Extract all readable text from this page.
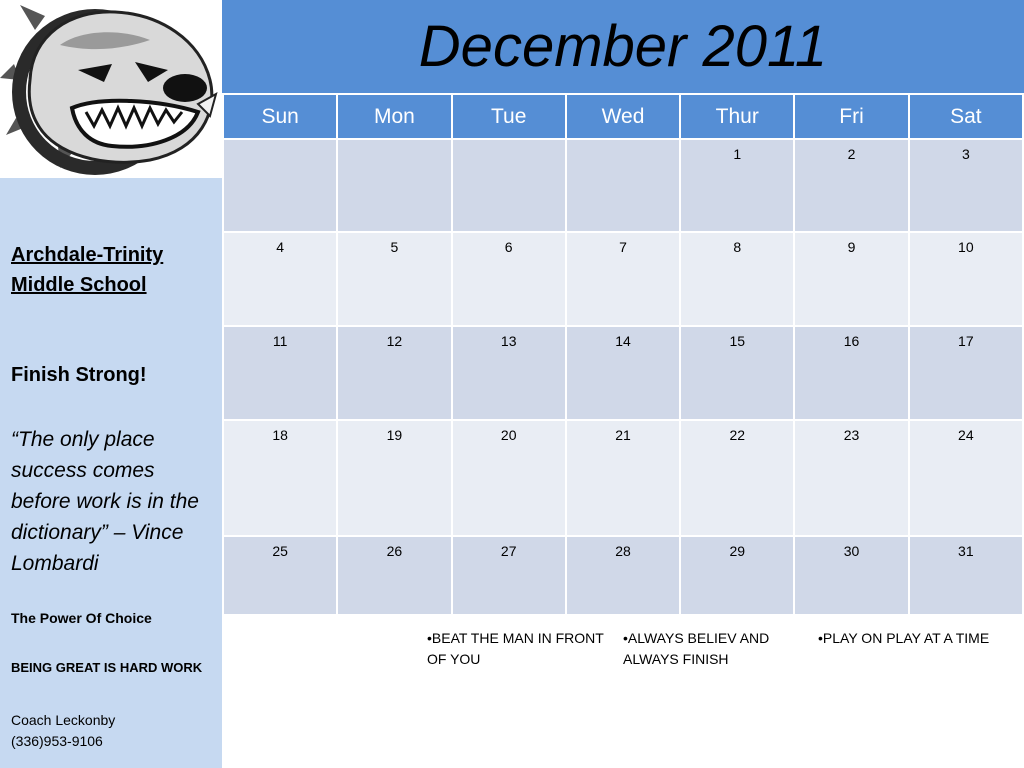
Archdale-Trinity Middle School
Finish Strong!
“The only place success comes before work is in the dictionary” – Vince Lombardi
The Power Of Choice
BEING GREAT IS HARD WORK
Coach Leckonby
(336)953-9106
December 2011
Sun	Mon	Tue	Wed	Thur	Fri	Sat

				1	2	3

4	5	6	7	8	9	10

11	12	13	14	15	16	17

18	19	20	21	22	23	24

25	26	27	28	29	30	31
•BEAT THE MAN IN FRONT OF YOU
•ALWAYS BELIEV AND ALWAYS FINISH
•PLAY ON PLAY AT A TIME
